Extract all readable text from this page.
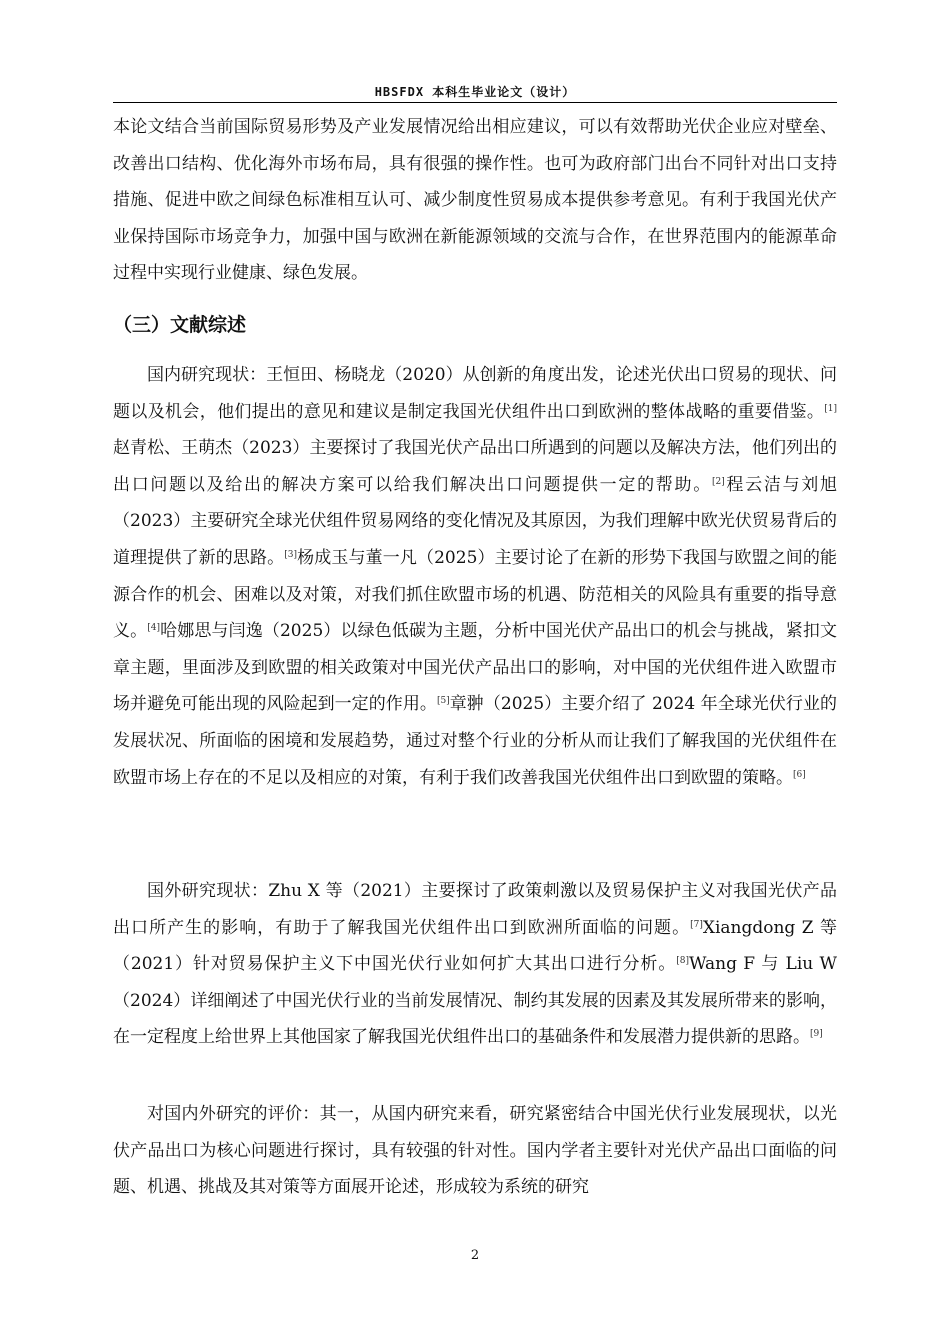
HBSFDX 本科生毕业论文（设计）

本论文结合当前国际贸易形势及产业发展情况给出相应建议，可以有效帮助光伏企业应对壁垒、改善出口结构、优化海外市场布局，具有很强的操作性。也可为政府部门出台不同针对出口支持措施、促进中欧之间绿色标准相互认可、减少制度性贸易成本提供参考意见。有利于我国光伏产业保持国际市场竞争力，加强中国与欧洲在新能源领域的交流与合作，在世界范围内的能源革命过程中实现行业健康、绿色发展。

（三）文献综述

国内研究现状：王恒田、杨晓龙（2020）从创新的角度出发，论述光伏出口贸易的现状、问题以及机会，他们提出的意见和建议是制定我国光伏组件出口到欧洲的整体战略的重要借鉴。[1]赵青松、王萌杰（2023）主要探讨了我国光伏产品出口所遇到的问题以及解决方法，他们列出的出口问题以及给出的解决方案可以给我们解决出口问题提供一定的帮助。[2]程云洁与刘旭（2023）主要研究全球光伏组件贸易网络的变化情况及其原因，为我们理解中欧光伏贸易背后的道理提供了新的思路。[3]杨成玉与董一凡（2025）主要讨论了在新的形势下我国与欧盟之间的能源合作的机会、困难以及对策，对我们抓住欧盟市场的机遇、防范相关的风险具有重要的指导意义。[4]哈娜思与闫逸（2025）以绿色低碳为主题，分析中国光伏产品出口的机会与挑战，紧扣文章主题，里面涉及到欧盟的相关政策对中国光伏产品出口的影响，对中国的光伏组件进入欧盟市场并避免可能出现的风险起到一定的作用。[5]章翀（2025）主要介绍了 2024 年全球光伏行业的发展状况、所面临的困境和发展趋势，通过对整个行业的分析从而让我们了解我国的光伏组件在欧盟市场上存在的不足以及相应的对策，有利于我们改善我国光伏组件出口到欧盟的策略。[6]

国外研究现状：Zhu X 等（2021）主要探讨了政策刺激以及贸易保护主义对我国光伏产品出口所产生的影响，有助于了解我国光伏组件出口到欧洲所面临的问题。[7]Xiangdong Z 等（2021）针对贸易保护主义下中国光伏行业如何扩大其出口进行分析。[8]Wang F 与 Liu W（2024）详细阐述了中国光伏行业的当前发展情况、制约其发展的因素及其发展所带来的影响，在一定程度上给世界上其他国家了解我国光伏组件出口的基础条件和发展潜力提供新的思路。[9]

对国内外研究的评价：其一，从国内研究来看，研究紧密结合中国光伏行业发展现状，以光伏产品出口为核心问题进行探讨，具有较强的针对性。国内学者主要针对光伏产品出口面临的问题、机遇、挑战及其对策等方面展开论述，形成较为系统的研究

2
